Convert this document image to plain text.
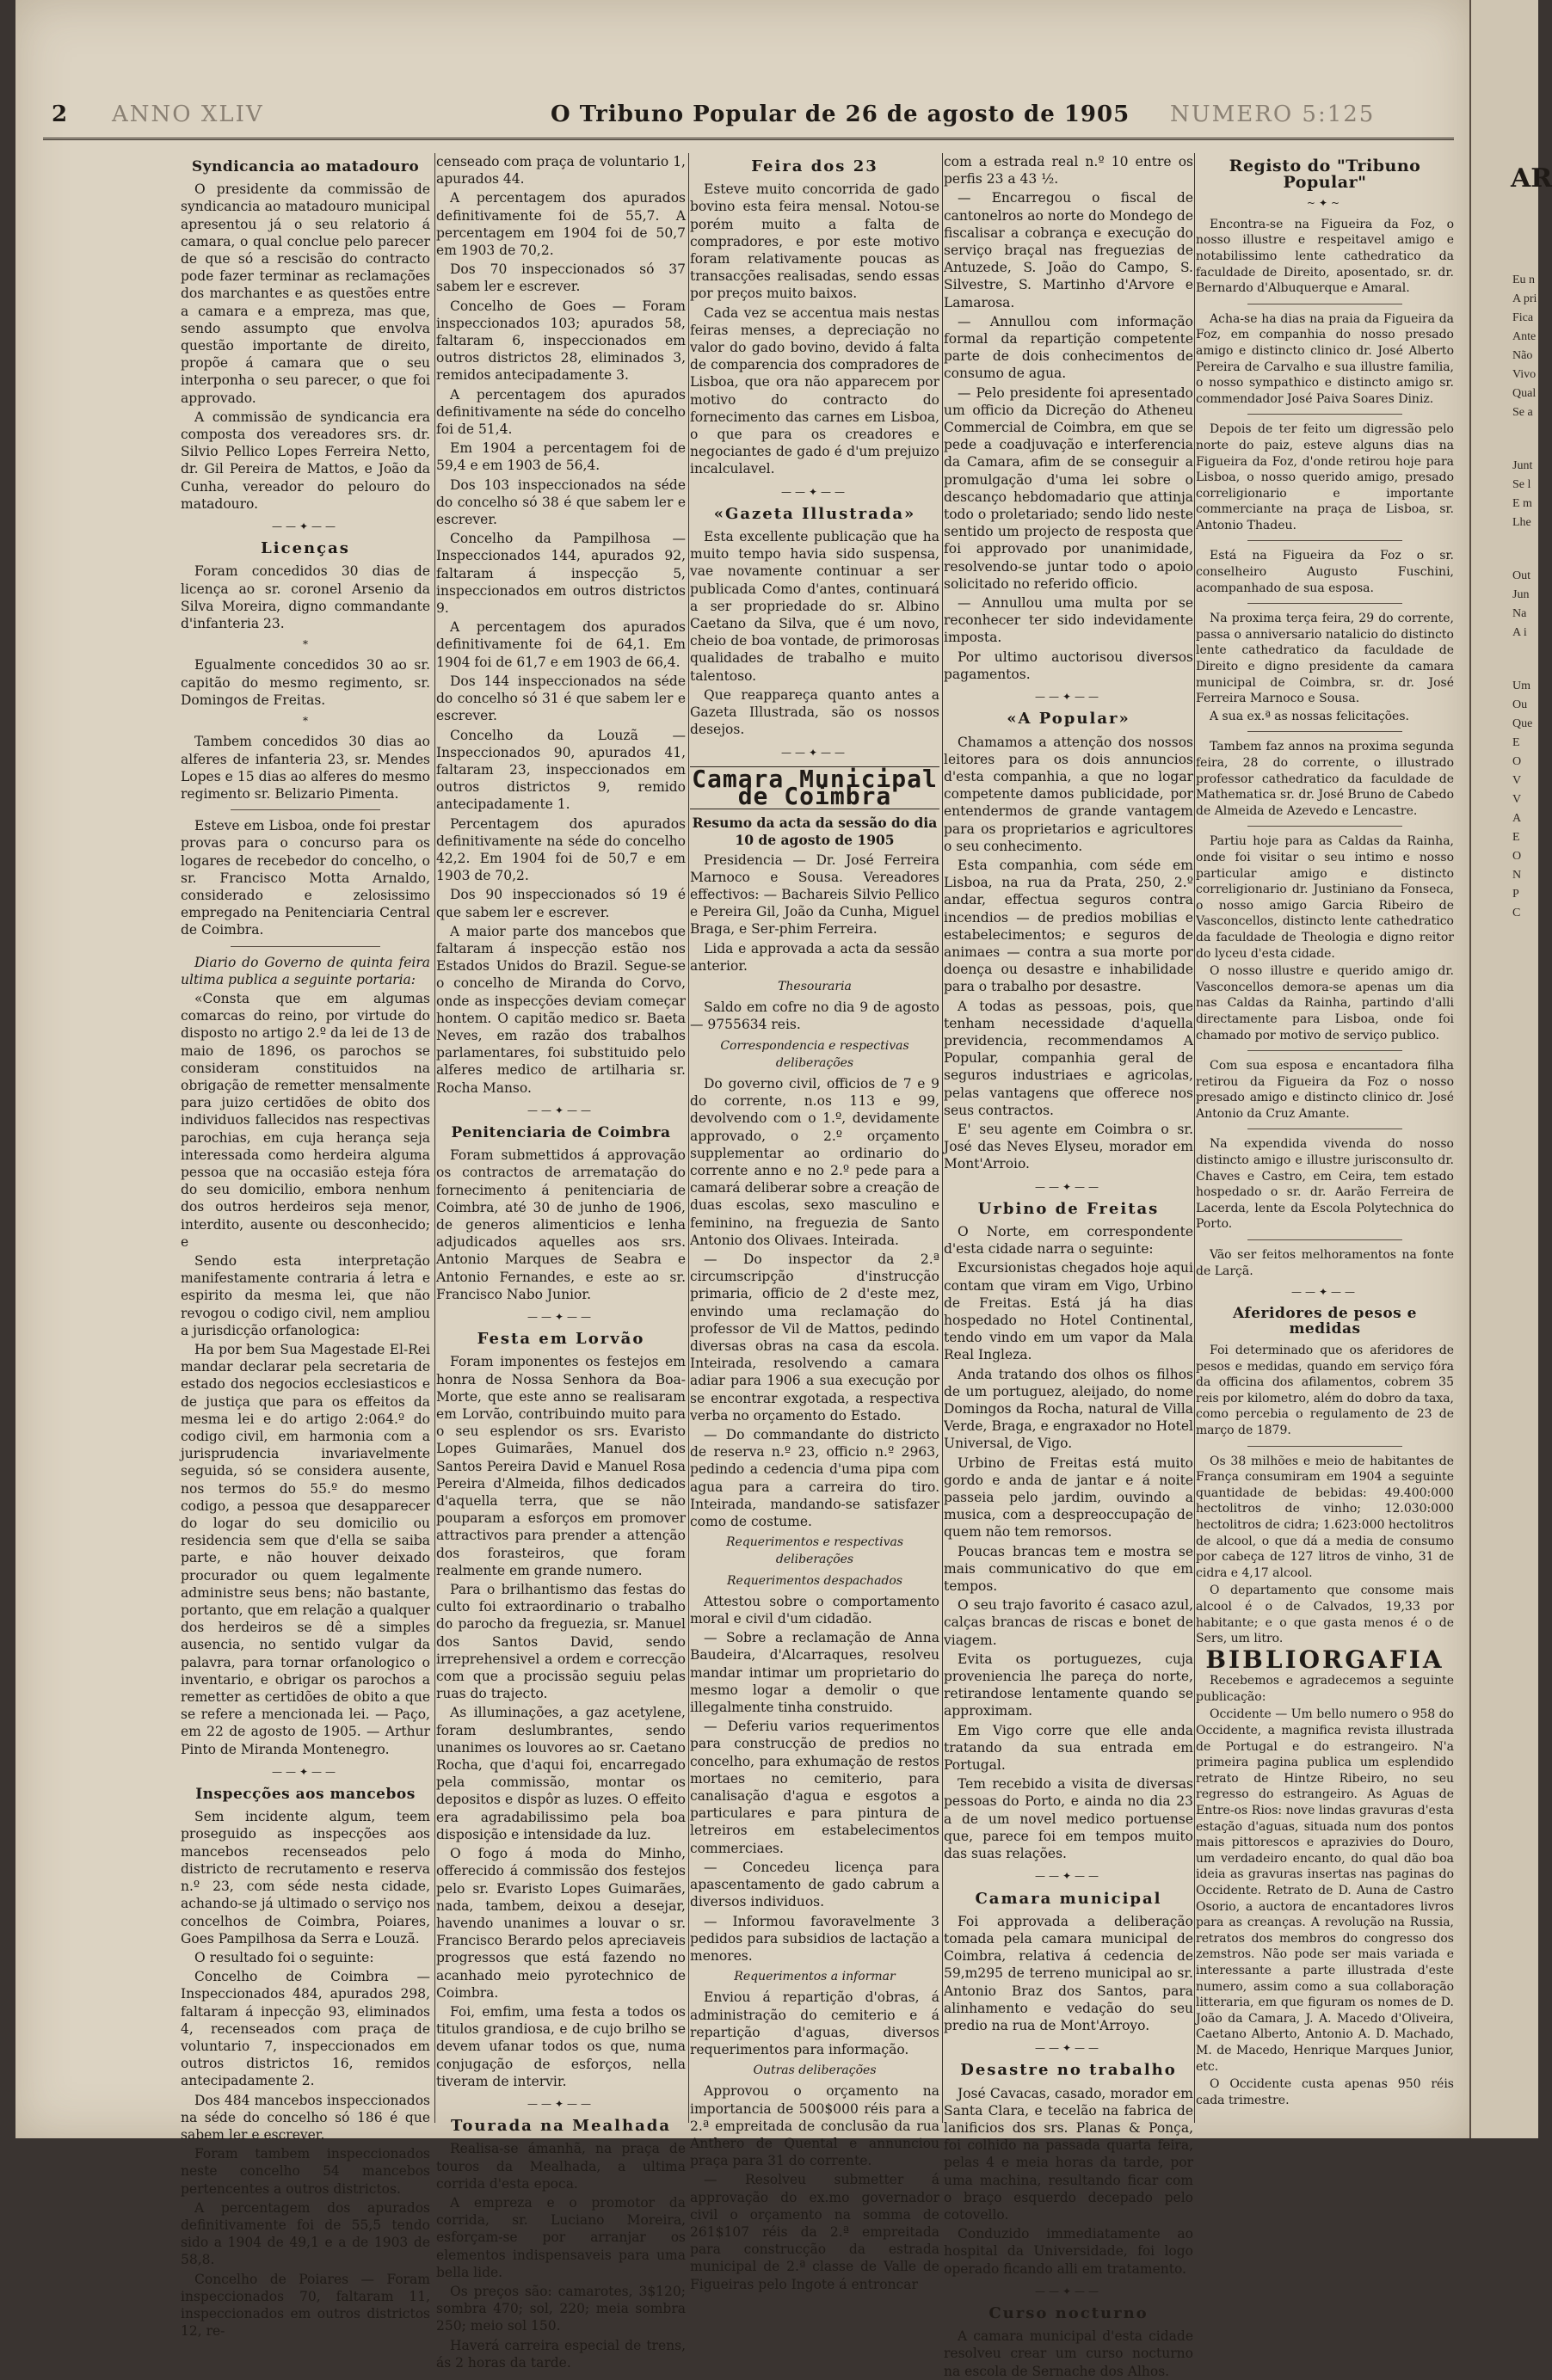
AR
Eu n
A pri
Fica
Ante
Não
Vivo
Qual
Se a
Junt
Se l
E m
Lhe
Out
Jun
Na
A i
Um
Ou
Que
E
O
V
V
A
E
O
N
P
C
2 ANNO XLIV	O Tribuno Popular de 26 de agosto de 1905 NUMERO 5:125
Syndicancia ao matadouro

O presidente da commissão de syndicancia ao matadouro municipal apresentou já o seu relatorio á camara, o qual conclue pelo parecer de que só a rescisão do contracto pode fazer terminar as reclamações dos marchantes e as questões entre a camara e a empreza, mas que, sendo assumpto que envolva questão importante de direito, propõe á camara que o seu interponha o seu parecer, o que foi approvado.

A commissão de syndicancia era composta dos vereadores srs. dr. Silvio Pellico Lopes Ferreira Netto, dr. Gil Pereira de Mattos, e João da Cunha, vereador do pelouro do matadouro.

——✦——
Licenças

Foram concedidos 30 dias de licença ao sr. coronel Arsenio da Silva Moreira, digno commandante d'infanteria 23.

*

Egualmente concedidos 30 ao sr. capitão do mesmo regimento, sr. Domingos de Freitas.

*

Tambem concedidos 30 dias ao alferes de infanteria 23, sr. Mendes Lopes e 15 dias ao alferes do mesmo regimento sr. Belizario Pimenta.

Esteve em Lisboa, onde foi prestar provas para o concurso para os logares de recebedor do concelho, o sr. Francisco Motta Arnaldo, considerado e zelosissimo empregado na Penitenciaria Central de Coimbra.

Diario do Governo de quinta feira ultima publica a seguinte portaria:

«Consta que em algumas comarcas do reino, por virtude do disposto no artigo 2.º da lei de 13 de maio de 1896, os parochos se consideram constituidos na obrigação de remetter mensalmente para juizo certidões de obito dos individuos fallecidos nas respectivas parochias, em cuja herança seja interessada como herdeira alguma pessoa que na occasião esteja fóra do seu domicilio, embora nenhum dos outros herdeiros seja menor, interdito, ausente ou desconhecido; e

Sendo esta interpretação manifestamente contraria á letra e espirito da mesma lei, que não revogou o codigo civil, nem ampliou a jurisdicção orfanologica:

Ha por bem Sua Magestade El-Rei mandar declarar pela secretaria de estado dos negocios ecclesiasticos e de justiça que para os effeitos da mesma lei e do artigo 2:064.º do codigo civil, em harmonia com a jurisprudencia invariavelmente seguida, só se considera ausente, nos termos do 55.º do mesmo codigo, a pessoa que desapparecer do logar do seu domicilio ou residencia sem que d'ella se saiba parte, e não houver deixado procurador ou quem legalmente administre seus bens; não bastante, portanto, que em relação a qualquer dos herdeiros se dê a simples ausencia, no sentido vulgar da palavra, para tornar orfanologico o inventario, e obrigar os parochos a remetter as certidões de obito a que se refere a mencionada lei. — Paço, em 22 de agosto de 1905. — Arthur Pinto de Miranda Montenegro.

——✦——
Inspecções aos mancebos

Sem incidente algum, teem proseguido as inspecções aos mancebos recenseados pelo districto de recrutamento e reserva n.º 23, com séde nesta cidade, achando-se já ultimado o serviço nos concelhos de Coimbra, Poiares, Goes Pampilhosa da Serra e Louzã.

O resultado foi o seguinte:

Concelho de Coimbra — Inspeccionados 484, apurados 298, faltaram á inpecção 93, eliminados 4, recenseados com praça de voluntario 7, inspeccionados em outros districtos 16, remidos antecipadamente 2.

Dos 484 mancebos inspeccionados na séde do concelho só 186 é que sabem ler e escrever.

Foram tambem inspeccionados neste concelho 54 mancebos pertencentes a outros districtos.

A percentagem dos apurados definitivamente foi de 55,5 tendo sido a 1904 de 49,1 e a de 1903 de 58,8.

Concelho de Poiares — Foram inspeccionados 70, faltaram 11, inspeccionados em outros districtos 12, re-

censeado com praça de voluntario 1, apurados 44.

A percentagem dos apurados definitivamente foi de 55,7. A percentagem em 1904 foi de 50,7 em 1903 de 70,2.

Dos 70 inspeccionados só 37 sabem ler e escrever.

Concelho de Goes — Foram inspeccionados 103; apurados 58, faltaram 6, inspeccionados em outros districtos 28, eliminados 3, remidos antecipadamente 3.

A percentagem dos apurados definitivamente na séde do concelho foi de 51,4.

Em 1904 a percentagem foi de 59,4 e em 1903 de 56,4.

Dos 103 inspeccionados na séde do concelho só 38 é que sabem ler e escrever.

Concelho da Pampilhosa — Inspeccionados 144, apurados 92, faltaram á inspecção 5, inspeccionados em outros districtos 9.

A percentagem dos apurados definitivamente foi de 64,1. Em 1904 foi de 61,7 e em 1903 de 66,4.

Dos 144 inspeccionados na séde do concelho só 31 é que sabem ler e escrever.

Concelho da Louzã — Inspeccionados 90, apurados 41, faltaram 23, inspeccionados em outros districtos 9, remido antecipadamente 1.

Percentagem dos apurados definitivamente na séde do concelho 42,2. Em 1904 foi de 50,7 e em 1903 de 70,2.

Dos 90 inspeccionados só 19 é que sabem ler e escrever.

A maior parte dos mancebos que faltaram á inspecção estão nos Estados Unidos do Brazil. Segue-se o concelho de Miranda do Corvo, onde as inspecções deviam começar hontem. O capitão medico sr. Baeta Neves, em razão dos trabalhos parlamentares, foi substituido pelo alferes medico de artilharia sr. Rocha Manso.

——✦——
Penitenciaria de Coimbra

Foram submettidos á approvação os contractos de arrematação do fornecimento á penitenciaria de Coimbra, até 30 de junho de 1906, de generos alimenticios e lenha adjudicados aquelles aos srs. Antonio Marques de Seabra e Antonio Fernandes, e este ao sr. Francisco Nabo Junior.

——✦——
Festa em Lorvão

Foram imponentes os festejos em honra de Nossa Senhora da Boa-Morte, que este anno se realisaram em Lorvão, contribuindo muito para o seu esplendor os srs. Evaristo Lopes Guimarães, Manuel dos Santos Pereira David e Manuel Rosa Pereira d'Almeida, filhos dedicados d'aquella terra, que se não pouparam a esforços em promover attractivos para prender a attenção dos forasteiros, que foram realmente em grande numero.

Para o brilhantismo das festas do culto foi extraordinario o trabalho do parocho da freguezia, sr. Manuel dos Santos David, sendo irreprehensivel a ordem e correcção com que a procissão seguiu pelas ruas do trajecto.

As illuminações, a gaz acetylene, foram deslumbrantes, sendo unanimes os louvores ao sr. Caetano Rocha, que d'aqui foi, encarregado pela commissão, montar os depositos e dispôr as luzes. O effeito era agradabilissimo pela boa disposição e intensidade da luz.

O fogo á moda do Minho, offerecido á commissão dos festejos pelo sr. Evaristo Lopes Guimarães, nada, tambem, deixou a desejar, havendo unanimes a louvar o sr. Francisco Berardo pelos apreciaveis progressos que está fazendo no acanhado meio pyrotechnico de Coimbra.

Foi, emfim, uma festa a todos os titulos grandiosa, e de cujo brilho se devem ufanar todos os que, numa conjugação de esforços, nella tiveram de intervir.

——✦——
Tourada na Mealhada

Realisa-se ámanhã, na praça de touros da Mealhada, a ultima corrida d'esta epoca.

A empreza e o promotor da corrida, sr. Luciano Moreira, esforçam-se por arranjar os elementos indispensaveis para uma bella lide.

Os preços são: camarotes, 3$120; sombra 470; sol, 220; meia sombra 250; meio sol 150.

Haverá carreira especial de trens, ás 2 horas da tarde.

Feira dos 23

Esteve muito concorrida de gado bovino esta feira mensal. Notou-se porém muito a falta de compradores, e por este motivo foram relativamente poucas as transacções realisadas, sendo essas por preços muito baixos.

Cada vez se accentua mais nestas feiras menses, a depreciação no valor do gado bovino, devido á falta de comparencia dos compradores de Lisboa, que ora não apparecem por motivo do contracto do fornecimento das carnes em Lisboa, o que para os creadores e negociantes de gado é d'um prejuizo incalculavel.

——✦——
«Gazeta Illustrada»

Esta excellente publicação que ha muito tempo havia sido suspensa, vae novamente continuar a ser publicada Como d'antes, continuará a ser propriedade do sr. Albino Caetano da Silva, que é um novo, cheio de boa vontade, de primorosas qualidades de trabalho e muito talentoso.

Que reappareça quanto antes a Gazeta Illustrada, são os nossos desejos.

——✦——
Camara Municipal de Coimbra

Resumo da acta da sessão do dia 10 de agosto de 1905

Presidencia — Dr. José Ferreira Marnoco e Sousa. Vereadores effectivos: — Bachareis Silvio Pellico e Pereira Gil, João da Cunha, Miguel Braga, e Ser-phim Ferreira.

Lida e approvada a acta da sessão anterior.

Thesouraria

Saldo em cofre no dia 9 de agosto — 9755634 reis.

Correspondencia e respectivas deliberações

Do governo civil, officios de 7 e 9 do corrente, n.os 113 e 99, devolvendo com o 1.º, devidamente approvado, o 2.º orçamento supplementar ao ordinario do corrente anno e no 2.º pede para a camará deliberar sobre a creação de duas escolas, sexo masculino e feminino, na freguezia de Santo Antonio dos Olivaes. Inteirada.

— Do inspector da 2.ª circumscripção d'instrucção primaria, officio de 2 d'este mez, envindo uma reclamação do professor de Vil de Mattos, pedindo diversas obras na casa da escola. Inteirada, resolvendo a camara adiar para 1906 a sua execução por se encontrar exgotada, a respectiva verba no orçamento do Estado.

— Do commandante do districto de reserva n.º 23, officio n.º 2963, pedindo a cedencia d'uma pipa com agua para a carreira do tiro. Inteirada, mandando-se satisfazer como de costume.

Requerimentos e respectivas deliberações
Requerimentos despachados

Attestou sobre o comportamento moral e civil d'um cidadão.

— Sobre a reclamação de Anna Baudeira, d'Alcarraques, resolveu mandar intimar um proprietario do mesmo logar a demolir o que illegalmente tinha construido.

— Deferiu varios requerimentos para construcção de predios no concelho, para exhumação de restos mortaes no cemiterio, para canalisação d'agua e esgotos a particulares e para pintura de letreiros em estabelecimentos commerciaes.

— Concedeu licença para apascentamento de gado cabrum a diversos individuos.

— Informou favoravelmente 3 pedidos para subsidios de lactação a menores.

Requerimentos a informar

Enviou á repartição d'obras, á administração do cemiterio e á repartição d'aguas, diversos requerimentos para informação.

Outras deliberações

Approvou o orçamento na importancia de 500$000 réis para a 2.ª empreitada de conclusão da rua Anthero de Quental e annunciou praça para 31 do corrente.

— Resolveu submetter á approvação do ex.mo governador civil o orçamento na somma de 261$107 réis da 2.ª empreitada para construcção da estrada municipal de 2.ª classe de Valle de Figueiras pelo Ingote á entroncar

com a estrada real n.º 10 entre os perfis 23 a 43 ½.

— Encarregou o fiscal de cantonelros ao norte do Mondego de fiscalisar a cobrança e execução do serviço braçal nas freguezias de Antuzede, S. João do Campo, S. Silvestre, S. Martinho d'Arvore e Lamarosa.

— Annullou com informação formal da repartição competente parte de dois conhecimentos de consumo de agua.

— Pelo presidente foi apresentado um officio da Dicreção do Atheneu Commercial de Coimbra, em que se pede a coadjuvação e interferencia da Camara, afim de se conseguir a promulgação d'uma lei sobre o descanço hebdomadario que attinja todo o proletariado; sendo lido neste sentido um projecto de resposta que foi approvado por unanimidade, resolvendo-se juntar todo o apoio solicitado no referido officio.

— Annullou uma multa por se reconhecer ter sido indevidamente imposta.

Por ultimo auctorisou diversos pagamentos.

——✦——
«A Popular»

Chamamos a attenção dos nossos leitores para os dois annuncios d'esta companhia, a que no logar competente damos publicidade, por entendermos de grande vantagem para os proprietarios e agricultores o seu conhecimento.

Esta companhia, com séde em Lisboa, na rua da Prata, 250, 2.º andar, effectua seguros contra incendios — de predios mobilias e estabelecimentos; e seguros de animaes — contra a sua morte por doença ou desastre e inhabilidade para o trabalho por desastre.

A todas as pessoas, pois, que tenham necessidade d'aquella previdencia, recommendamos A Popular, companhia geral de seguros industriaes e agricolas, pelas vantagens que offerece nos seus contractos.

E' seu agente em Coimbra o sr. José das Neves Elyseu, morador em Mont'Arroio.

——✦——
Urbino de Freitas

O Norte, em correspondente d'esta cidade narra o seguinte:

Excursionistas chegados hoje aqui contam que viram em Vigo, Urbino de Freitas. Está já ha dias hospedado no Hotel Continental, tendo vindo em um vapor da Mala Real Ingleza.

Anda tratando dos olhos os filhos de um portuguez, aleijado, do nome Domingos da Rocha, natural de Villa Verde, Braga, e engraxador no Hotel Universal, de Vigo.

Urbino de Freitas está muito gordo e anda de jantar e á noite passeia pelo jardim, ouvindo a musica, com a despreoccupação de quem não tem remorsos.

Poucas brancas tem e mostra se mais communicativo do que em tempos.

O seu trajo favorito é casaco azul, calças brancas de riscas e bonet de viagem.

Evita os portuguezes, cuja proveniencia lhe pareça do norte, retirandose lentamente quando se approximam.

Em Vigo corre que elle anda tratando da sua entrada em Portugal.

Tem recebido a visita de diversas pessoas do Porto, e ainda no dia 23 a de um novel medico portuense que, parece foi em tempos muito das suas relações.

——✦——
Camara municipal

Foi approvada a deliberação tomada pela camara municipal de Coimbra, relativa á cedencia de 59,m295 de terreno municipal ao sr. Antonio Braz dos Santos, para alinhamento e vedação do seu predio na rua de Mont'Arroyo.

——✦——
Desastre no trabalho

José Cavacas, casado, morador em Santa Clara, e tecelão na fabrica de lanificios dos srs. Planas & Ponça, foi colhido na passada quarta feira, pelas 4 e meia horas da tarde, por uma machina, resultando ficar com o braço esquerdo decepado pelo cotovello.

Conduzido immediatamente ao hospital da Universidade, foi logo operado ficando alli em tratamento.

——✦——
Curso nocturno

A camara municipal d'esta cidade resolveu crear um curso nocturno na escola de Sernache dos Alhos.

Registo do "Tribuno Popular"
~✦~

Encontra-se na Figueira da Foz, o nosso illustre e respeitavel amigo e notabilissimo lente cathedratico da faculdade de Direito, aposentado, sr. dr. Bernardo d'Albuquerque e Amaral.

Acha-se ha dias na praia da Figueira da Foz, em companhia do nosso presado amigo e distincto clinico dr. José Alberto Pereira de Carvalho e sua illustre familia, o nosso sympathico e distincto amigo sr. commendador José Paiva Soares Diniz.

Depois de ter feito um digressão pelo norte do paiz, esteve alguns dias na Figueira da Foz, d'onde retirou hoje para Lisboa, o nosso querido amigo, presado correligionario e importante commerciante na praça de Lisboa, sr. Antonio Thadeu.

Está na Figueira da Foz o sr. conselheiro Augusto Fuschini, acompanhado de sua esposa.

Na proxima terça feira, 29 do corrente, passa o anniversario natalicio do distincto lente cathedratico da faculdade de Direito e digno presidente da camara municipal de Coimbra, sr. dr. José Ferreira Marnoco e Sousa.

A sua ex.ª as nossas felicitações.

Tambem faz annos na proxima segunda feira, 28 do corrente, o illustrado professor cathedratico da faculdade de Mathematica sr. dr. José Bruno de Cabedo de Almeida de Azevedo e Lencastre.

Partiu hoje para as Caldas da Rainha, onde foi visitar o seu intimo e nosso particular amigo e distincto correligionario dr. Justiniano da Fonseca, o nosso amigo Garcia Ribeiro de Vasconcellos, distincto lente cathedratico da faculdade de Theologia e digno reitor do lyceu d'esta cidade.

O nosso illustre e querido amigo dr. Vasconcellos demora-se apenas um dia nas Caldas da Rainha, partindo d'alli directamente para Lisboa, onde foi chamado por motivo de serviço publico.

Com sua esposa e encantadora filha retirou da Figueira da Foz o nosso presado amigo e distincto clinico dr. José Antonio da Cruz Amante.

Na expendida vivenda do nosso distincto amigo e illustre jurisconsulto dr. Chaves e Castro, em Ceira, tem estado hospedado o sr. dr. Aarão Ferreira de Lacerda, lente da Escola Polytechnica do Porto.

Vão ser feitos melhoramentos na fonte de Larçã.

——✦——
Aferidores de pesos e medidas

Foi determinado que os aferidores de pesos e medidas, quando em serviço fóra da officina dos afilamentos, cobrem 35 reis por kilometro, além do dobro da taxa, como percebia o regulamento de 23 de março de 1879.

Os 38 milhões e meio de habitantes de França consumiram em 1904 a seguinte quantidade de bebidas: 49.400:000 hectolitros de vinho; 12.030:000 hectolitros de cidra; 1.623:000 hectolitros de alcool, o que dá a media de consumo por cabeça de 127 litros de vinho, 31 de cidra e 4,17 alcool.

O departamento que consome mais alcool é o de Calvados, 19,33 por habitante; e o que gasta menos é o de Sers, um litro.

BIBLIORGAFIA

Recebemos e agradecemos a seguinte publicação:

Occidente — Um bello numero o 958 do Occidente, a magnifica revista illustrada de Portugal e do estrangeiro. N'a primeira pagina publica um esplendido retrato de Hintze Ribeiro, no seu regresso do estrangeiro. As Aguas de Entre-os Rios: nove lindas gravuras d'esta estação d'aguas, situada num dos pontos mais pittorescos e aprazivies do Douro, um verdadeiro encanto, do qual dão boa ideia as gravuras insertas nas paginas do Occidente. Retrato de D. Auna de Castro Osorio, a auctora de encantadores livros para as creanças. A revolução na Russia, retratos dos membros do congresso dos zemstros. Não pode ser mais variada e interessante a parte illustrada d'este numero, assim como a sua collaboração litteraria, em que figuram os nomes de D. João da Camara, J. A. Macedo d'Oliveira, Caetano Alberto, Antonio A. D. Machado, M. de Macedo, Henrique Marques Junior, etc.

O Occidente custa apenas 950 réis cada trimestre.
